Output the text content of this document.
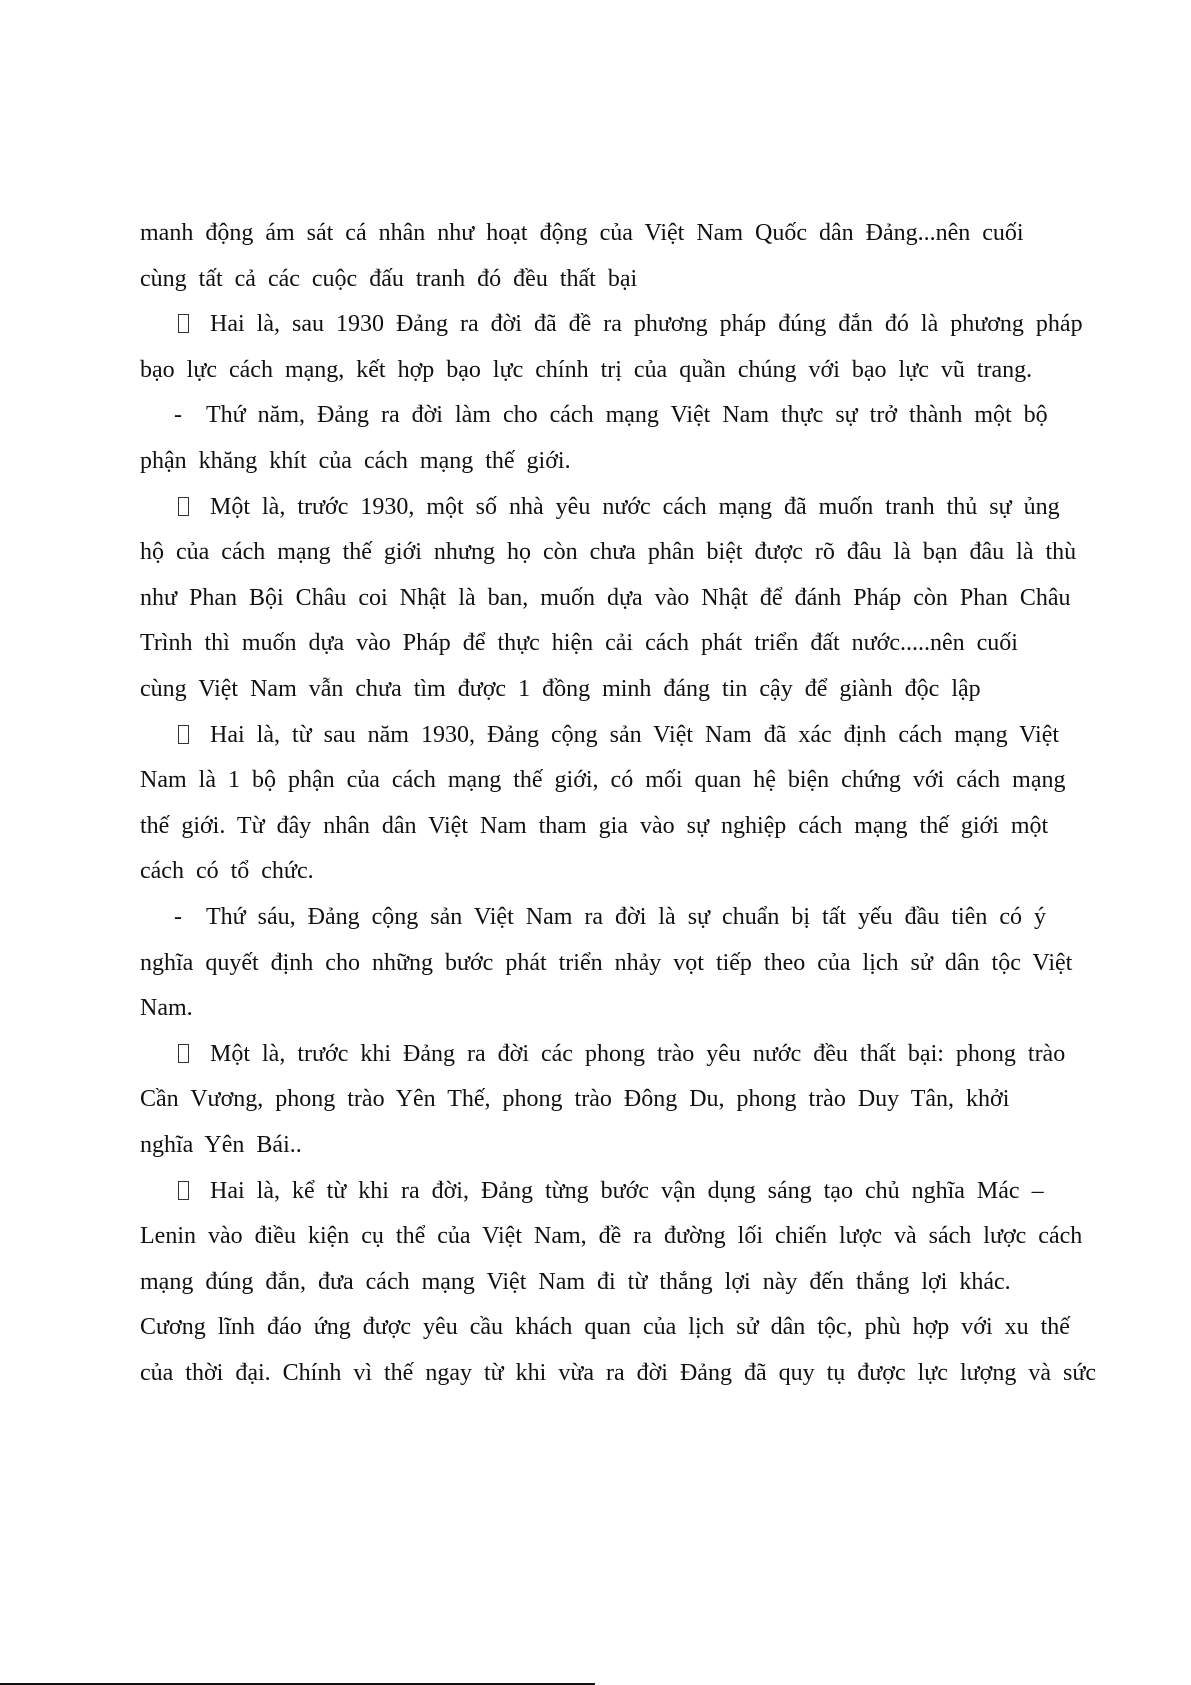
manh động ám sát cá nhân như hoạt động của Việt Nam Quốc dân Đảng...nên cuối
cùng tất cả các cuộc đấu tranh đó đều thất bại
Hai là, sau 1930 Đảng ra đời đã đề ra phương pháp đúng đắn đó là phương pháp
bạo lực cách mạng, kết hợp bạo lực chính trị của quần chúng với bạo lực vũ trang.
- Thứ năm, Đảng ra đời làm cho cách mạng Việt Nam thực sự trở thành một bộ
phận khăng khít của cách mạng thế giới.
Một là, trước 1930, một số nhà yêu nước cách mạng đã muốn tranh thủ sự ủng
hộ của cách mạng thế giới nhưng họ còn chưa phân biệt được rõ đâu là bạn đâu là thù
như Phan Bội Châu coi Nhật là ban, muốn dựa vào Nhật để đánh Pháp còn Phan Châu
Trình thì muốn dựa vào Pháp để thực hiện cải cách phát triển đất nước.....nên cuối
cùng Việt Nam vẫn chưa tìm được 1 đồng minh đáng tin cậy để giành độc lập
Hai là, từ sau năm 1930, Đảng cộng sản Việt Nam đã xác định cách mạng Việt
Nam là 1 bộ phận của cách mạng thế giới, có mối quan hệ biện chứng với cách mạng
thế giới. Từ đây nhân dân Việt Nam tham gia vào sự nghiệp cách mạng thế giới một
cách có tổ chức.
- Thứ sáu, Đảng cộng sản Việt Nam ra đời là sự chuẩn bị tất yếu đầu tiên có ý
nghĩa quyết định cho những bước phát triển nhảy vọt tiếp theo của lịch sử dân tộc Việt
Nam.
Một là, trước khi Đảng ra đời các phong trào yêu nước đều thất bại: phong trào
Cần Vương, phong trào Yên Thế, phong trào Đông Du, phong trào Duy Tân, khởi
nghĩa Yên Bái..
Hai là, kể từ khi ra đời, Đảng từng bước vận dụng sáng tạo chủ nghĩa Mác –
Lenin vào điều kiện cụ thể của Việt Nam, đề ra đường lối chiến lược và sách lược cách
mạng đúng đắn, đưa cách mạng Việt Nam đi từ thắng lợi này đến thắng lợi khác.
Cương lĩnh đáo ứng được yêu cầu khách quan của lịch sử dân tộc, phù hợp với xu thế
của thời đại. Chính vì thế ngay từ khi vừa ra đời Đảng đã quy tụ được lực lượng và sức
